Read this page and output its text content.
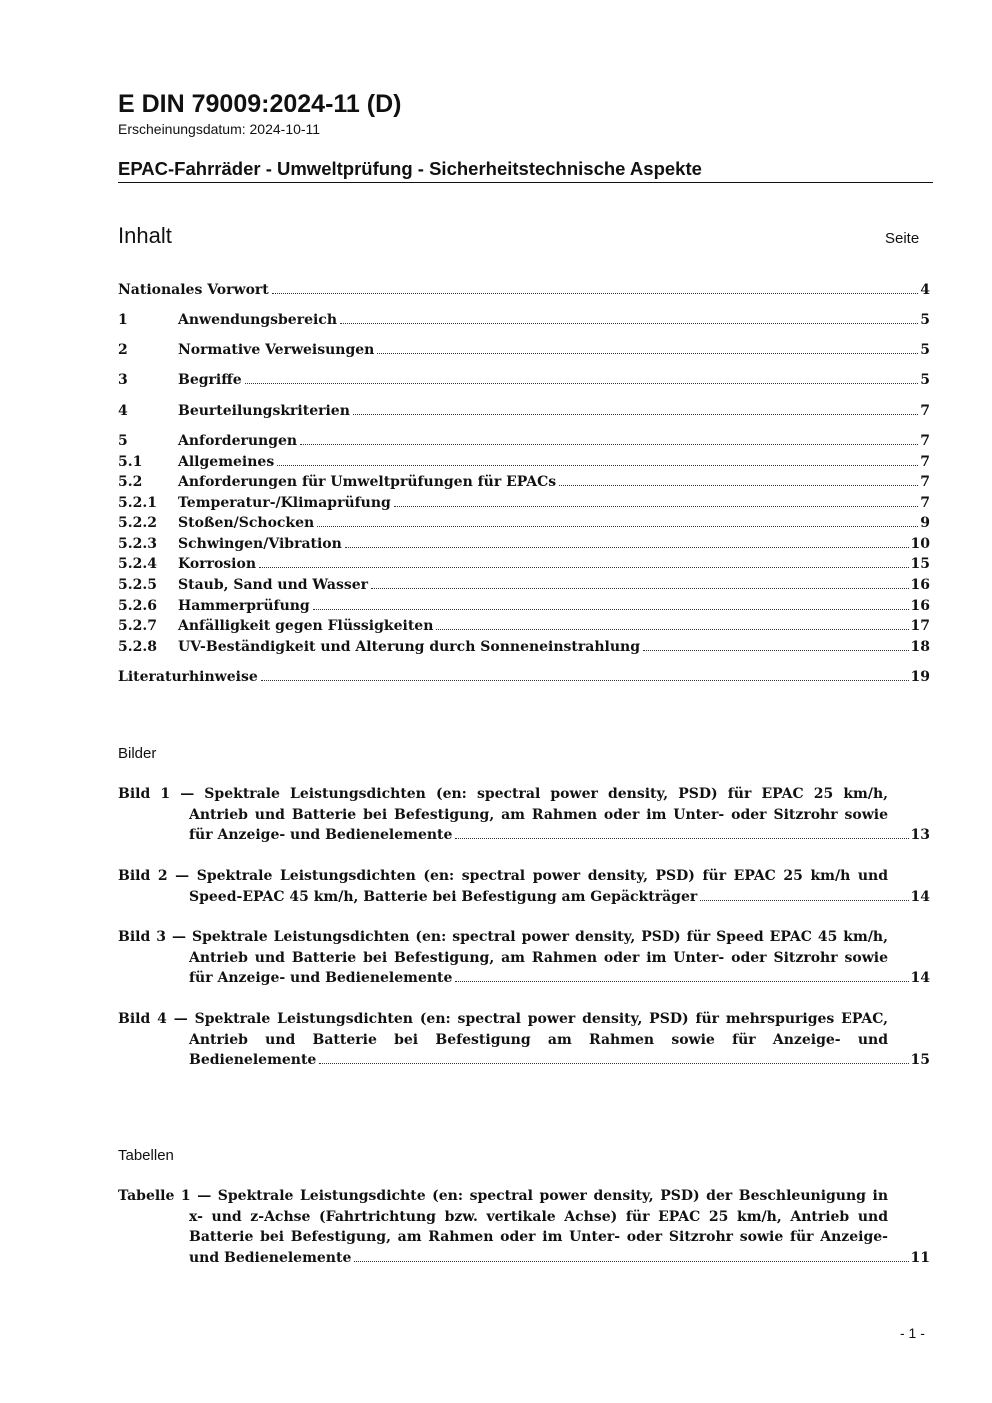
E DIN 79009:2024-11 (D)
Erscheinungsdatum: 2024-10-11
EPAC-Fahrräder - Umweltprüfung - Sicherheitstechnische Aspekte
Inhalt	Seite
Nationales Vorwort	4
1	Anwendungsbereich	5
2	Normative Verweisungen	5
3	Begriffe	5
4	Beurteilungskriterien	7
5	Anforderungen	7
5.1	Allgemeines	7
5.2	Anforderungen für Umweltprüfungen für EPACs	7
5.2.1	Temperatur-/Klimaprüfung	7
5.2.2	Stoßen/Schocken	9
5.2.3	Schwingen/Vibration	10
5.2.4	Korrosion	15
5.2.5	Staub, Sand und Wasser	16
5.2.6	Hammerprüfung	16
5.2.7	Anfälligkeit gegen Flüssigkeiten	17
5.2.8	UV-Beständigkeit und Alterung durch Sonneneinstrahlung	18
Literaturhinweise	19
Bilder
Bild 1 — Spektrale Leistungsdichten (en: spectral power density, PSD) für EPAC 25 km/h,
Antrieb und Batterie bei Befestigung, am Rahmen oder im Unter- oder Sitzrohr sowie
für Anzeige- und Bedienelemente	13
Bild 2 — Spektrale Leistungsdichten (en: spectral power density, PSD) für EPAC 25 km/h und
Speed-EPAC 45 km/h, Batterie bei Befestigung am Gepäckträger	14
Bild 3 — Spektrale Leistungsdichten (en: spectral power density, PSD) für Speed EPAC 45 km/h,
Antrieb und Batterie bei Befestigung, am Rahmen oder im Unter- oder Sitzrohr sowie
für Anzeige- und Bedienelemente	14
Bild 4 — Spektrale Leistungsdichten (en: spectral power density, PSD) für mehrspuriges EPAC,
Antrieb und Batterie bei Befestigung am Rahmen sowie für Anzeige- und
Bedienelemente	15
Tabellen
Tabelle 1 — Spektrale Leistungsdichte (en: spectral power density, PSD) der Beschleunigung in
x- und z-Achse (Fahrtrichtung bzw. vertikale Achse) für EPAC 25 km/h, Antrieb und
Batterie bei Befestigung, am Rahmen oder im Unter- oder Sitzrohr sowie für Anzeige-
und Bedienelemente	11
- 1 -
